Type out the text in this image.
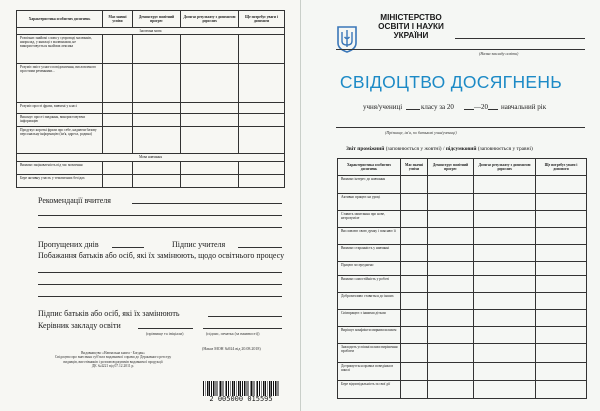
Характеристика особистих досягнень	Має значні успіхи	Демонструє помітний прогрес	Досягає результату з допомогою дорослих	Ще потребує уваги і допомоги
Іноземна мова				
Розпізнає знайомі слова у супроводі малюнків, напрклад, у книжці з малюнками, не використовується знайома лексика				
Розуміє зміст усного повідомлення, висловленого простими реченнями...				
Розуміє прості фрази, вивчені у класі				
Виконує прості завдання, використовуючи інформацію				
Продукує короткі фрази про себе, надаючи базову персональну інформацію (ім'я, адреса, родина)				
Мова навчання				
Виявляє зацікавленість під час мовлення				
Бере активну участь у тематичних бесідах				
Рекомендації вчителя
Пропущених днів	Підпис учителя
Побажання батьків або осіб, які їх замінюють, щодо освітнього процесу
Підпис батьків або осіб, які їх замінюють
Керівник закладу освіти
(прізвище та ініціали)	(підпис, печатка (за наявності))
(Наказ МОН №924 від 20.08.2018)
Видавництво «Навчальна книга - Богдан»
Свідоцтво про внесення суб'єкта видавничої справи до Державного реєстру
видавців, виготівників і розповсюджувачів видавничої продукції
ДК №4221 від 07.12.2011 р.
2 005000 015595
МІНІСТЕРСТВО
ОСВІТИ І НАУКИ
УКРАЇНИ
(Назва закладу освіти)
СВІДОЦТВО ДОСЯГНЕНЬ
учня/учениці	класу за 20	—20 навчальний рік
(Прізвище, ім'я, по батькові учня/учениці)
Звіт проміжний (заповнюється у жовтні) / підсумковий (заповнюється у травні)
Характеристика особистих досягнень	Має значні успіхи	Демонструє помітний прогрес	Досягає результату з допомогою дорослих	Ще потребує уваги і допомоги
Виявляє інтерес до навчання				
Активно працює на уроці				
Ставить запитання про нове, незрозуміле				
Висловлює свою думку і пояснює її				
Виявляє старанність у навчанні				
Працює зосереджено				
Виявляє самостійність у роботі				
Доброзичливо ставиться до інших				
Співпрацює з іншими дітьми				
Вирішує конфлікти мирним шляхом				
Знаходить успішні шляхи вирішення проблем				
Дотримується правил поведінки в школі				
Бере відповідальність за свої дії				
